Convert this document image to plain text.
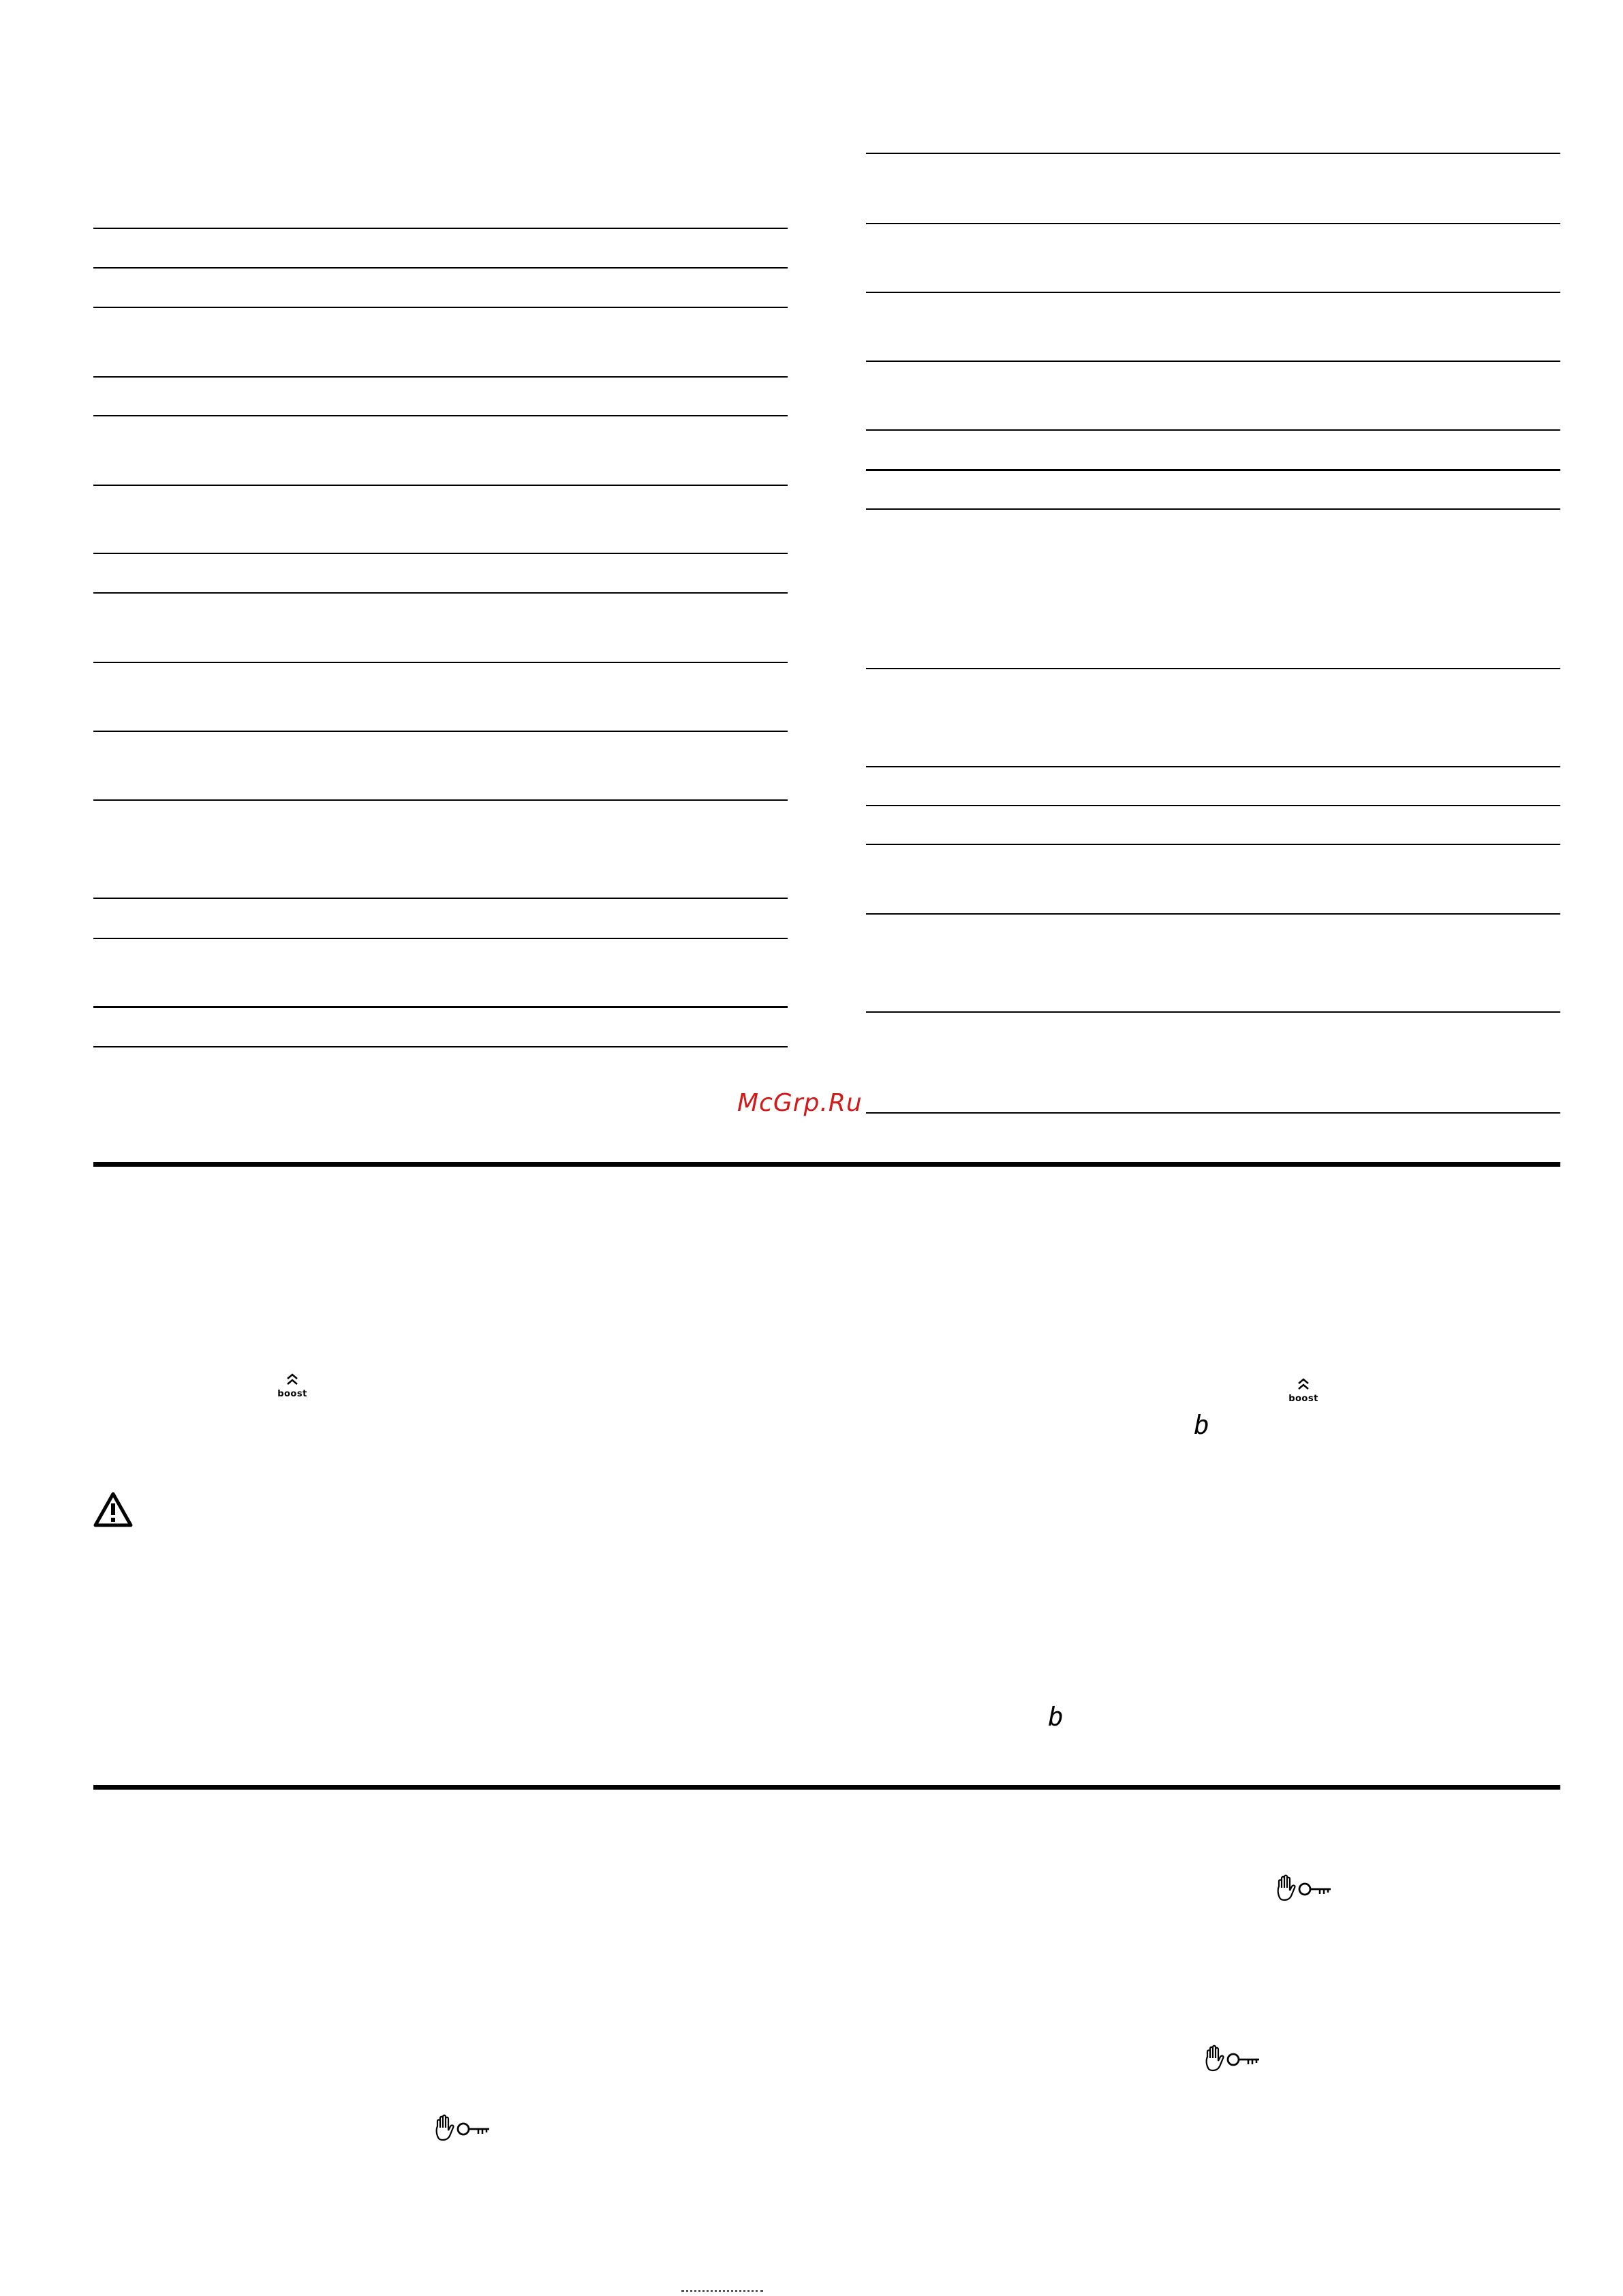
McGrp.Ru
boost	boost
b
b
